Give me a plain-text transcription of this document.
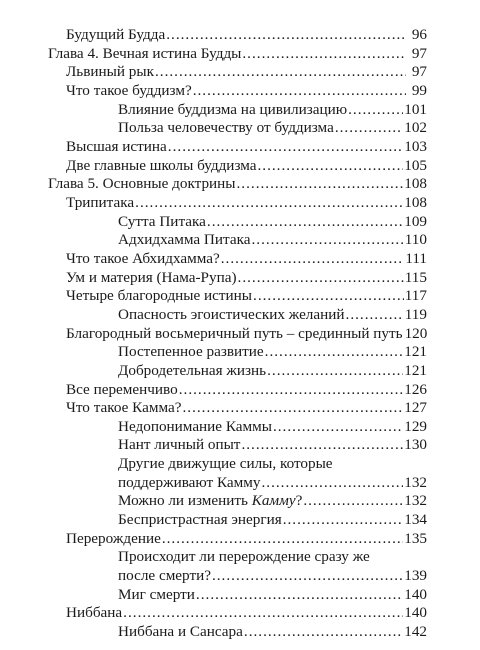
Будущий Будда .....	96
Глава 4. Вечная истина Будды .....	97
Львиный рык .....	97
Что такое буддизм? .....	99
Влияние буддизма на цивилизацию .....	101
Польза человечеству от буддизма .....	102
Высшая истина .....	103
Две главные школы буддизма .....	105
Глава 5. Основные доктрины .....	108
Трипитака .....	108
Сутта Питака .....	109
Адхидхамма Питака .....	110
Что такое Абхидхамма? .....	111
Ум и материя (Нама-Рупа) .....	115
Четыре благородные истины .....	117
Опасность эгоистических желаний .....	119
Благородный восьмеричный путь – срединный путь 120
Постепенное развитие .....	121
Добродетельная жизнь .....	121
Все переменчиво .....	126
Что такое Камма? .....	127
Недопонимание Каммы .....	129
Нант личный опыт .....	130
Другие движущие силы, которые
поддерживают Камму .....	132
Можно ли изменить Камму? .....	132
Беспристрастная энергия .....	134
Перерождение .....	135
Происходит ли перерождение сразу же
после смерти? .....	139
Миг смерти .....	140
Ниббана .....	140
Ниббана и Сансара .....	142
